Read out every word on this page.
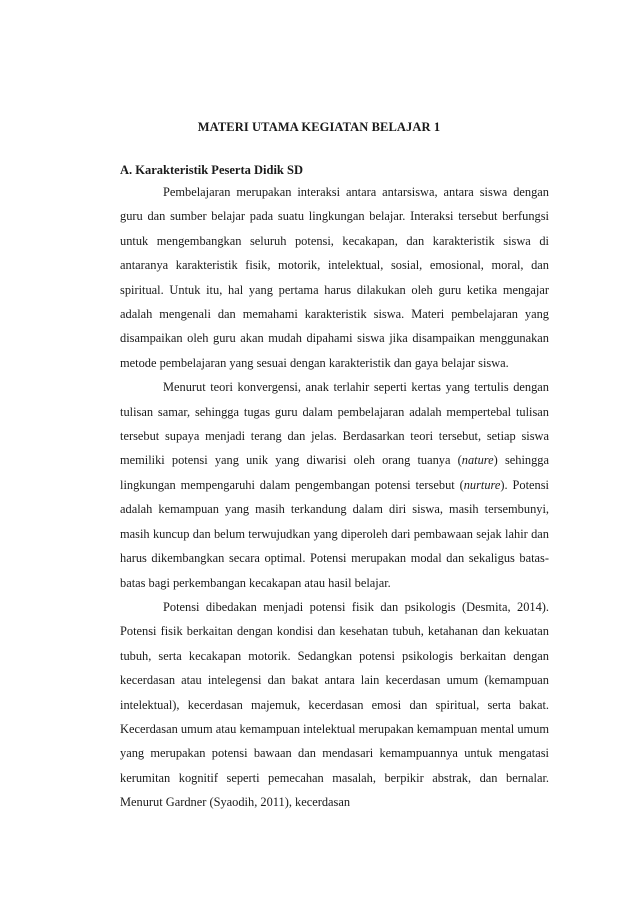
MATERI UTAMA KEGIATAN BELAJAR 1
A. Karakteristik Peserta Didik SD

Pembelajaran merupakan interaksi antara antarsiswa, antara siswa dengan guru dan sumber belajar pada suatu lingkungan belajar. Interaksi tersebut berfungsi untuk mengembangkan seluruh potensi, kecakapan, dan karakteristik siswa di antaranya karakteristik fisik, motorik, intelektual, sosial, emosional, moral, dan spiritual. Untuk itu, hal yang pertama harus dilakukan oleh guru ketika mengajar adalah mengenali dan memahami karakteristik siswa. Materi pembelajaran yang disampaikan oleh guru akan mudah dipahami siswa jika disampaikan menggunakan metode pembelajaran yang sesuai dengan karakteristik dan gaya belajar siswa.

Menurut teori konvergensi, anak terlahir seperti kertas yang tertulis dengan tulisan samar, sehingga tugas guru dalam pembelajaran adalah mempertebal tulisan tersebut supaya menjadi terang dan jelas. Berdasarkan teori tersebut, setiap siswa memiliki potensi yang unik yang diwarisi oleh orang tuanya (nature) sehingga lingkungan mempengaruhi dalam pengembangan potensi tersebut (nurture). Potensi adalah kemampuan yang masih terkandung dalam diri siswa, masih tersembunyi, masih kuncup dan belum terwujudkan yang diperoleh dari pembawaan sejak lahir dan harus dikembangkan secara optimal. Potensi merupakan modal dan sekaligus batas-batas bagi perkembangan kecakapan atau hasil belajar.

Potensi dibedakan menjadi potensi fisik dan psikologis (Desmita, 2014). Potensi fisik berkaitan dengan kondisi dan kesehatan tubuh, ketahanan dan kekuatan tubuh, serta kecakapan motorik. Sedangkan potensi psikologis berkaitan dengan kecerdasan atau intelegensi dan bakat antara lain kecerdasan umum (kemampuan intelektual), kecerdasan majemuk, kecerdasan emosi dan spiritual, serta bakat. Kecerdasan umum atau kemampuan intelektual merupakan kemampuan mental umum yang merupakan potensi bawaan dan mendasari kemampuannya untuk mengatasi kerumitan kognitif seperti pemecahan masalah, berpikir abstrak, dan bernalar. Menurut Gardner (Syaodih, 2011), kecerdasan
